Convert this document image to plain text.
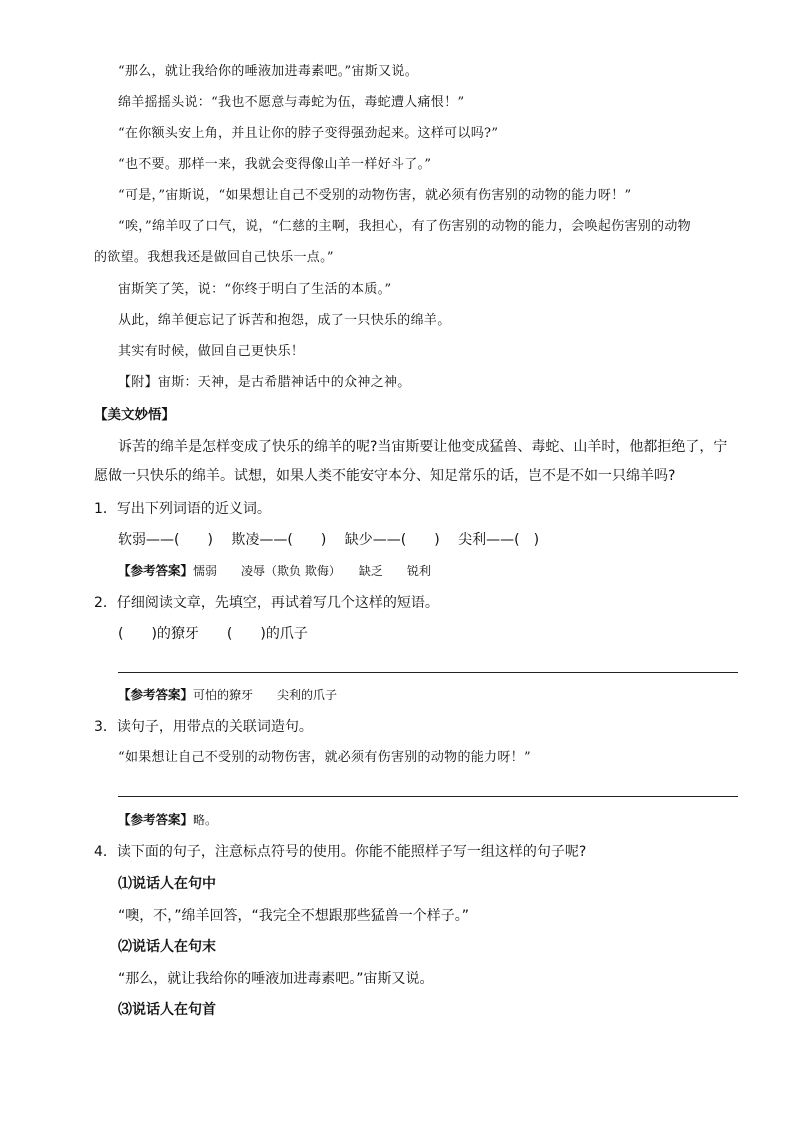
“那么，就让我给你的唾液加进毒素吧。”宙斯又说。
绵羊摇摇头说：“我也不愿意与毒蛇为伍，毒蛇遭人痛恨！”
“在你额头安上角，并且让你的脖子变得强劲起来。这样可以吗?”
“也不要。那样一来，我就会变得像山羊一样好斗了。”
“可是，”宙斯说，“如果想让自己不受别的动物伤害，就必须有伤害别的动物的能力呀！”
“唉，”绵羊叹了口气，说，“仁慈的主啊，我担心，有了伤害别的动物的能力，会唤起伤害别的动物
的欲望。我想我还是做回自己快乐一点。”
宙斯笑了笑，说：“你终于明白了生活的本质。”
从此，绵羊便忘记了诉苦和抱怨，成了一只快乐的绵羊。
其实有时候，做回自己更快乐！
【附】宙斯：天神，是古希腊神话中的众神之神。
【美文妙悟】
诉苦的绵羊是怎样变成了快乐的绵羊的呢?当宙斯要让他变成猛兽、毒蛇、山羊时，他都拒绝了，宁
愿做一只快乐的绵羊。试想，如果人类不能安守本分、知足常乐的话，岂不是不如一只绵羊吗?
1．写出下列词语的近义词。
软弱——(　　)　 欺凌——(　　)　 缺少——(　　)　 尖利——(　)
【参考答案】懦弱　　凌辱（欺负 欺侮）　　缺乏　　锐利
2．仔细阅读文章，先填空，再试着写几个这样的短语。
(　　)的獠牙　　(　　)的爪子
【参考答案】可怕的獠牙　　尖利的爪子
3．读句子，用带点的关联词造句。
“如果想让自己不受别的动物伤害，就必须有伤害别的动物的能力呀！”
【参考答案】略。
4．读下面的句子，注意标点符号的使用。你能不能照样子写一组这样的句子呢?
⑴说话人在句中
“噢，不，”绵羊回答，“我完全不想跟那些猛兽一个样子。”
⑵说话人在句末
“那么，就让我给你的唾液加进毒素吧。”宙斯又说。
⑶说话人在句首
